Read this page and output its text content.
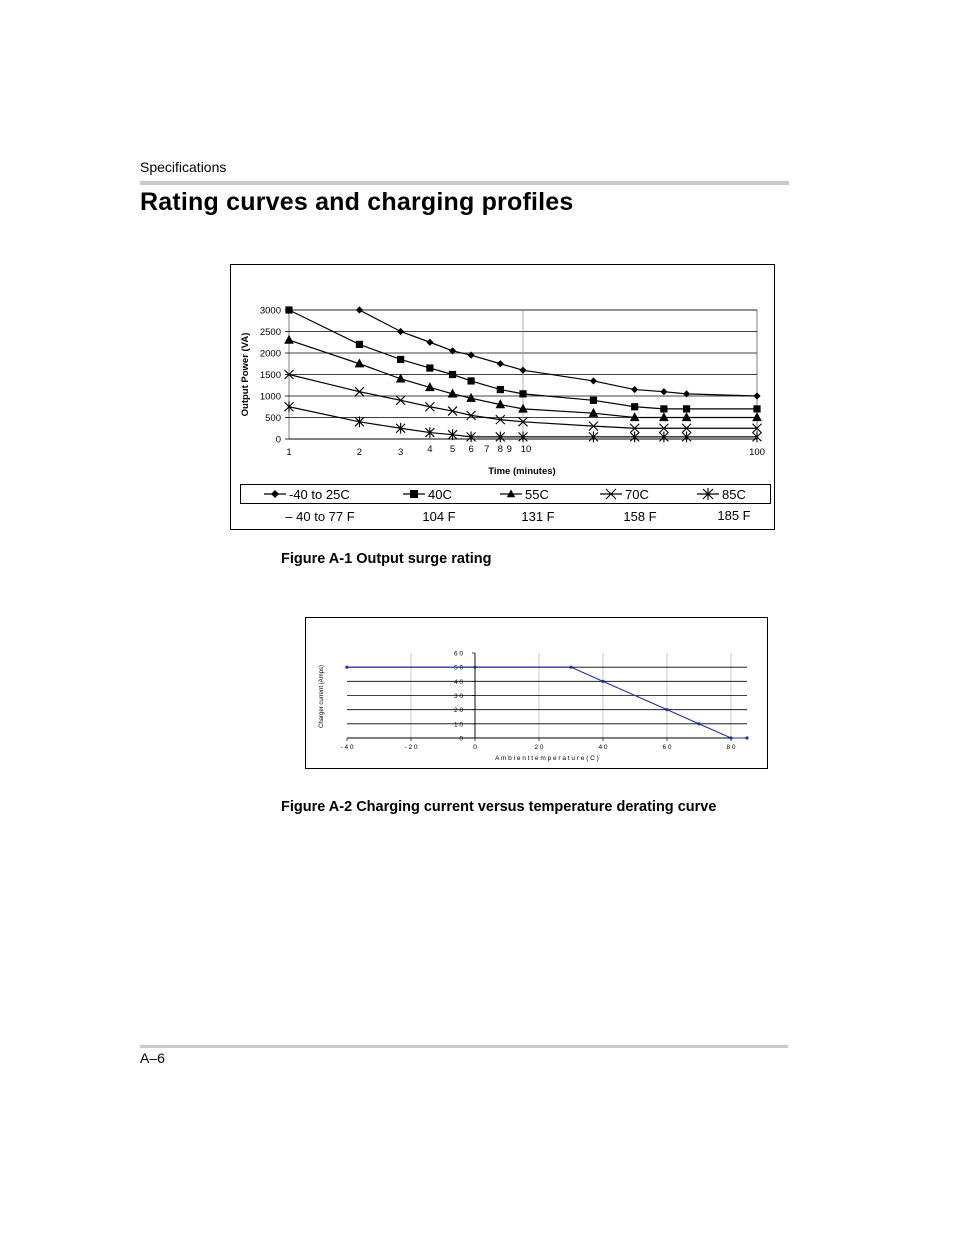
Specifications
Rating curves and charging profiles
0
500
1000
1500
2000
2500
3000
1	2	3	4 5 6 7 8 9 10	100
Time (minutes)
Output Power (VA)
-40 to 25C
– 40 to 77 F
40C
104 F
55C
131 F
70C
158 F
85C
185 F
Figure A-1 Output surge rating
0
1 0
2 0
3 0
4 0
5 0
6 0
- 4 0	- 2 0	0	2 0	4 0	6 0	8 0
A m b i e n t t e m p e r a t u r e ( C )
Charger current (Amps)
Figure A-2 Charging current versus temperature derating curve
A–6
